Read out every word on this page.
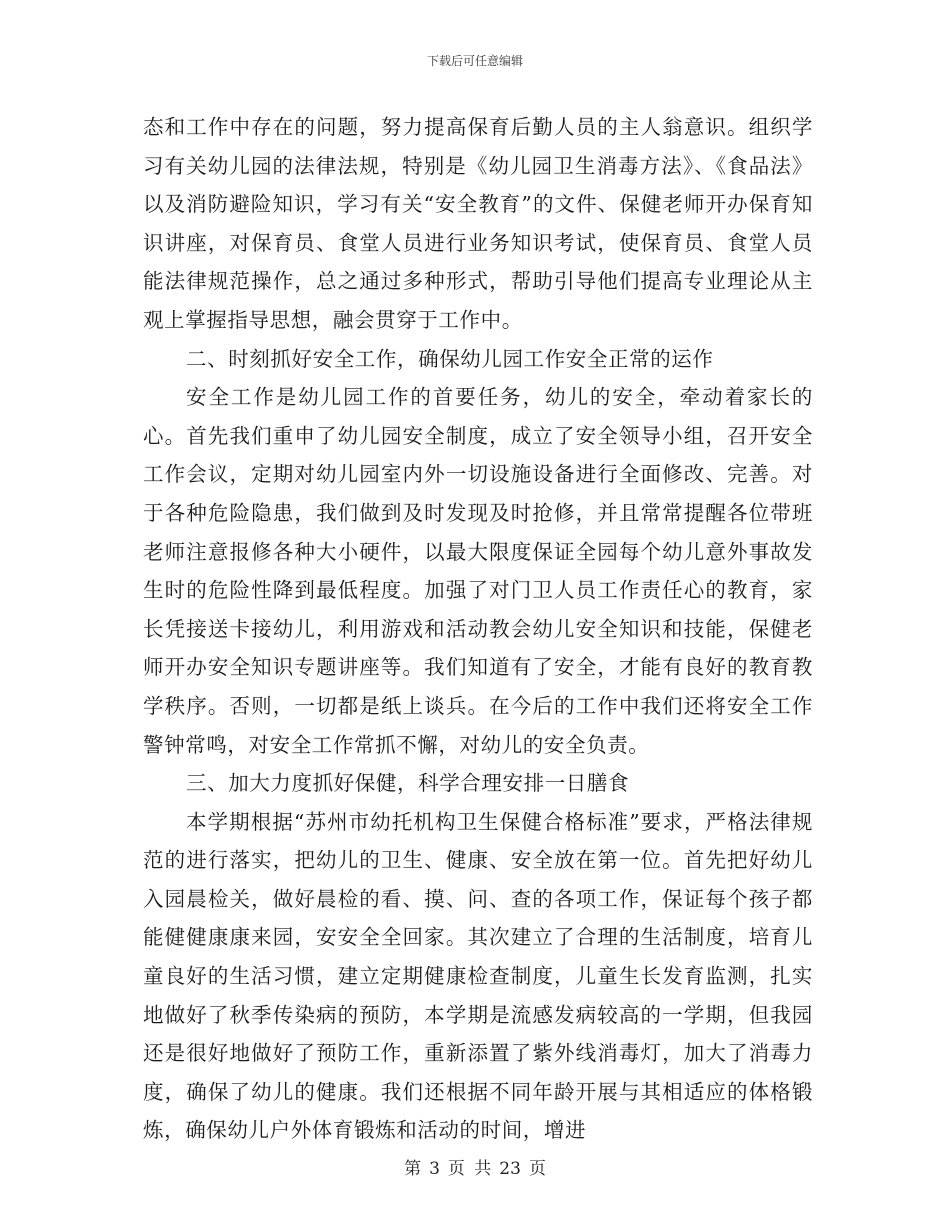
下载后可任意编辑

态和工作中存在的问题，努力提高保育后勤人员的主人翁意识。组织学习有关幼儿园的法律法规，特别是《幼儿园卫生消毒方法》、《食品法》以及消防避险知识，学习有关“安全教育”的文件、保健老师开办保育知识讲座，对保育员、食堂人员进行业务知识考试，使保育员、食堂人员能法律规范操作，总之通过多种形式，帮助引导他们提高专业理论从主观上掌握指导思想，融会贯穿于工作中。

二、时刻抓好安全工作，确保幼儿园工作安全正常的运作

安全工作是幼儿园工作的首要任务，幼儿的安全，牵动着家长的心。首先我们重申了幼儿园安全制度，成立了安全领导小组，召开安全工作会议，定期对幼儿园室内外一切设施设备进行全面修改、完善。对于各种危险隐患，我们做到及时发现及时抢修，并且常常提醒各位带班老师注意报修各种大小硬件，以最大限度保证全园每个幼儿意外事故发生时的危险性降到最低程度。加强了对门卫人员工作责任心的教育，家长凭接送卡接幼儿，利用游戏和活动教会幼儿安全知识和技能，保健老师开办安全知识专题讲座等。我们知道有了安全，才能有良好的教育教学秩序。否则，一切都是纸上谈兵。在今后的工作中我们还将安全工作警钟常鸣，对安全工作常抓不懈，对幼儿的安全负责。

三、加大力度抓好保健，科学合理安排一日膳食

本学期根据“苏州市幼托机构卫生保健合格标准”要求，严格法律规范的进行落实，把幼儿的卫生、健康、安全放在第一位。首先把好幼儿入园晨检关，做好晨检的看、摸、问、查的各项工作，保证每个孩子都能健健康康来园，安安全全回家。其次建立了合理的生活制度，培育儿童良好的生活习惯，建立定期健康检查制度，儿童生长发育监测，扎实地做好了秋季传染病的预防，本学期是流感发病较高的一学期，但我园还是很好地做好了预防工作，重新添置了紫外线消毒灯，加大了消毒力度，确保了幼儿的健康。我们还根据不同年龄开展与其相适应的体格锻炼，确保幼儿户外体育锻炼和活动的时间，增进

第 3 页 共 23 页
